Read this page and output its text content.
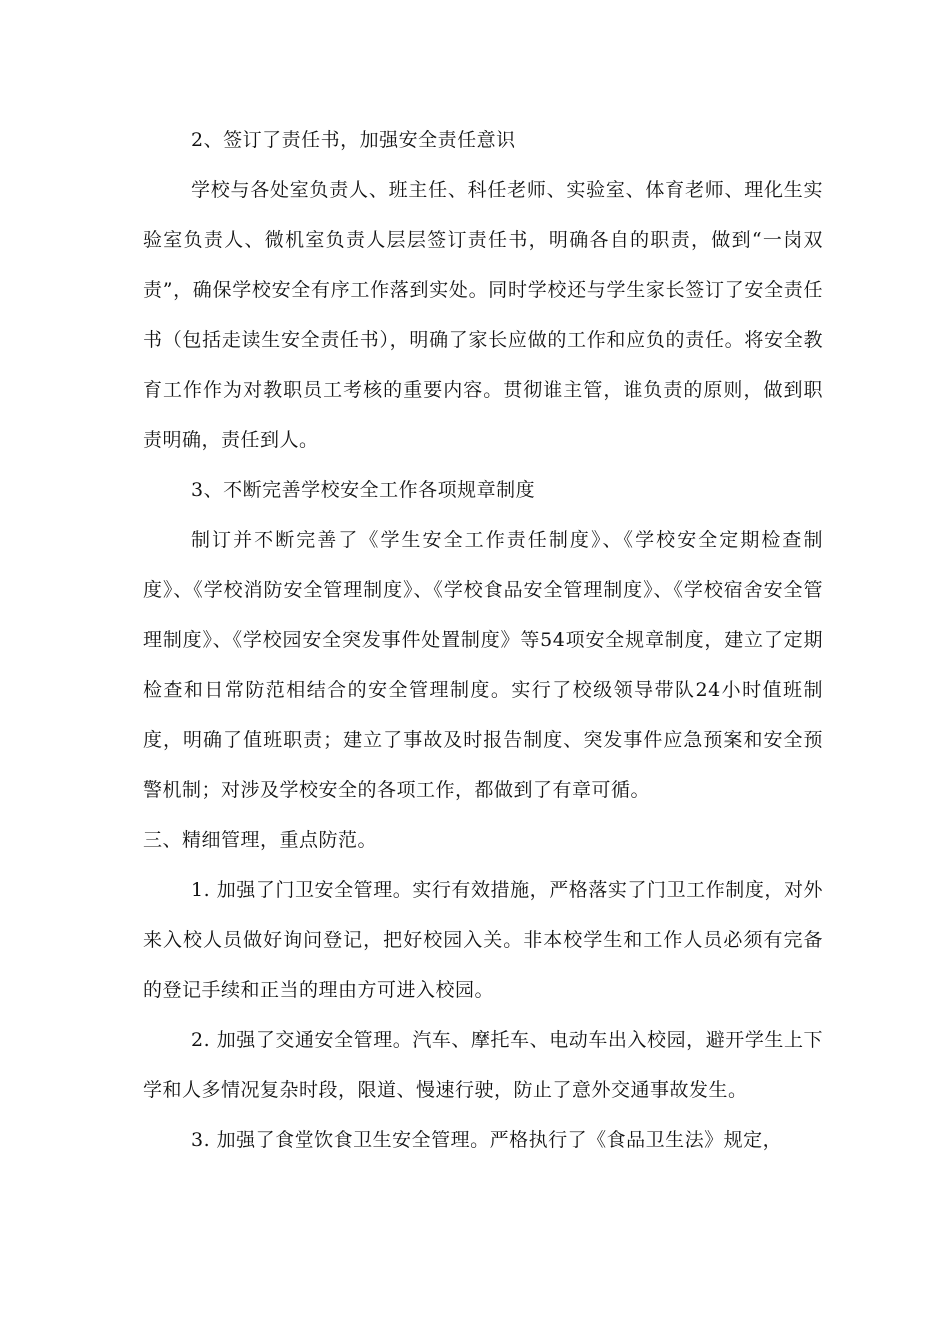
2、签订了责任书，加强安全责任意识

学校与各处室负责人、班主任、科任老师、实验室、体育老师、理化生实验室负责人、微机室负责人层层签订责任书，明确各自的职责，做到“一岗双责”，确保学校安全有序工作落到实处。同时学校还与学生家长签订了安全责任书（包括走读生安全责任书），明确了家长应做的工作和应负的责任。将安全教育工作作为对教职员工考核的重要内容。贯彻谁主管，谁负责的原则，做到职责明确，责任到人。

3、不断完善学校安全工作各项规章制度

制订并不断完善了《学生安全工作责任制度》、《学校安全定期检查制度》、《学校消防安全管理制度》、《学校食品安全管理制度》、《学校宿舍安全管理制度》、《学校园安全突发事件处置制度》等54项安全规章制度，建立了定期检查和日常防范相结合的安全管理制度。实行了校级领导带队24小时值班制度，明确了值班职责；建立了事故及时报告制度、突发事件应急预案和安全预警机制；对涉及学校安全的各项工作，都做到了有章可循。

三、精细管理，重点防范。

1. 加强了门卫安全管理。实行有效措施，严格落实了门卫工作制度，对外来入校人员做好询问登记，把好校园入关。非本校学生和工作人员必须有完备的登记手续和正当的理由方可进入校园。

2. 加强了交通安全管理。汽车、摩托车、电动车出入校园，避开学生上下学和人多情况复杂时段，限道、慢速行驶，防止了意外交通事故发生。

3. 加强了食堂饮食卫生安全管理。严格执行了《食品卫生法》规定，
